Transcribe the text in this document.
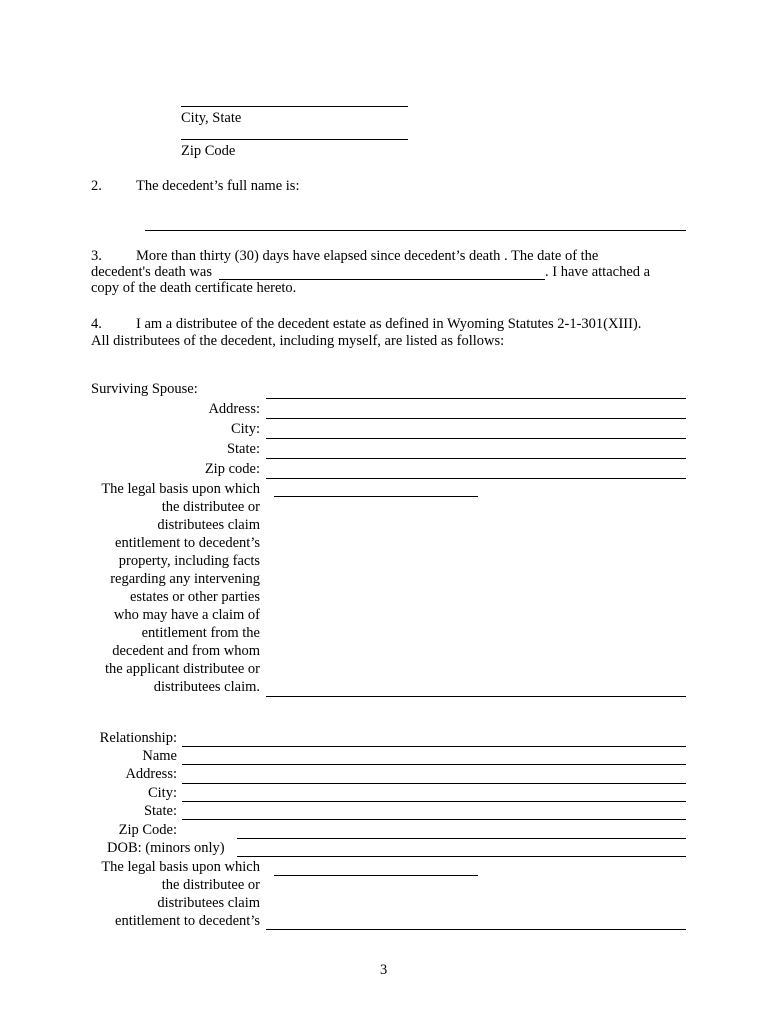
City, State
Zip Code
2. The decedent’s full name is:
3. More than thirty (30) days have elapsed since decedent’s death . The date of the
decedent's death was	. I have attached a
copy of the death certificate hereto.
4. I am a distributee of the decedent estate as defined in Wyoming Statutes 2-1-301(XIII).
All distributees of the decedent, including myself, are listed as follows:
Surviving Spouse:
Address:
City:
State:
Zip code:
The legal basis upon which
the distributee or
distributees claim
entitlement to decedent’s
property, including facts
regarding any intervening
estates or other parties
who may have a claim of
entitlement from the
decedent and from whom
the applicant distributee or
distributees claim.
Relationship:
Name
Address:
City:
State:
Zip Code:
DOB: (minors only)
The legal basis upon which
the distributee or
distributees claim
entitlement to decedent’s
3
